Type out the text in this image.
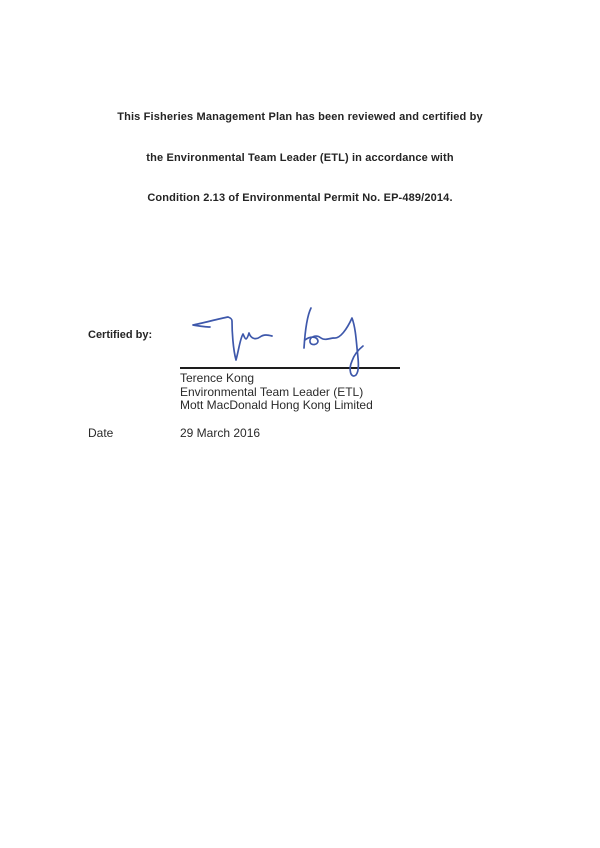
This Fisheries Management Plan has been reviewed and certified by

the Environmental Team Leader (ETL) in accordance with

Condition 2.13 of Environmental Permit No. EP-489/2014.

Certified by:
Terence Kong
Environmental Team Leader (ETL)
Mott MacDonald Hong Kong Limited
Date	29 March 2016
